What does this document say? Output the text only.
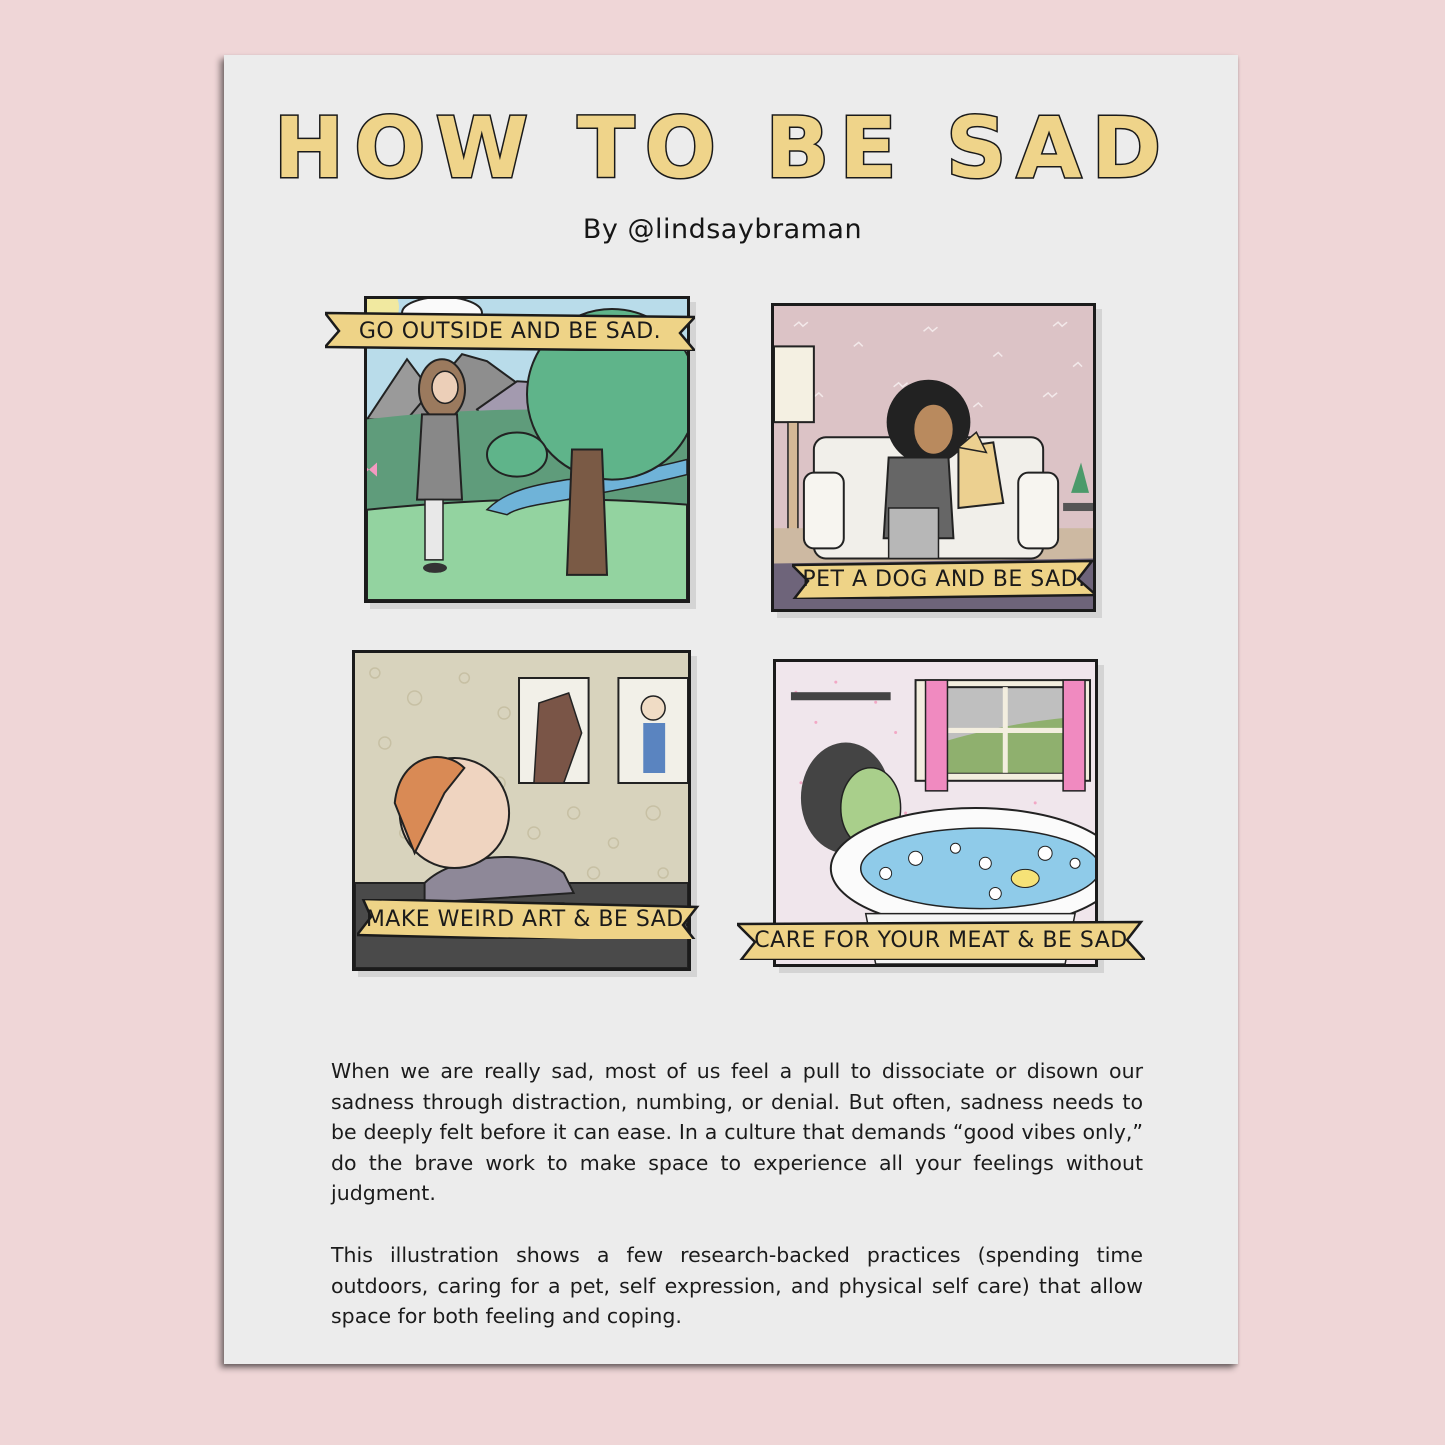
HOW TO BE SAD
By @lindsaybraman
GO OUTSIDE AND BE SAD.
PET A DOG AND BE SAD.
MAKE WEIRD ART & BE SAD.
CARE FOR YOUR MEAT & BE SAD

When we are really sad, most of us feel a pull to dissociate or disown our sadness through distraction, numbing, or denial. But often, sadness needs to be deeply felt before it can ease. In a culture that demands “good vibes only,” do the brave work to make space to experience all your feelings without judgment.

This illustration shows a few research-backed practices (spending time outdoors, caring for a pet, self expression, and physical self care) that allow space for both feeling and coping.
